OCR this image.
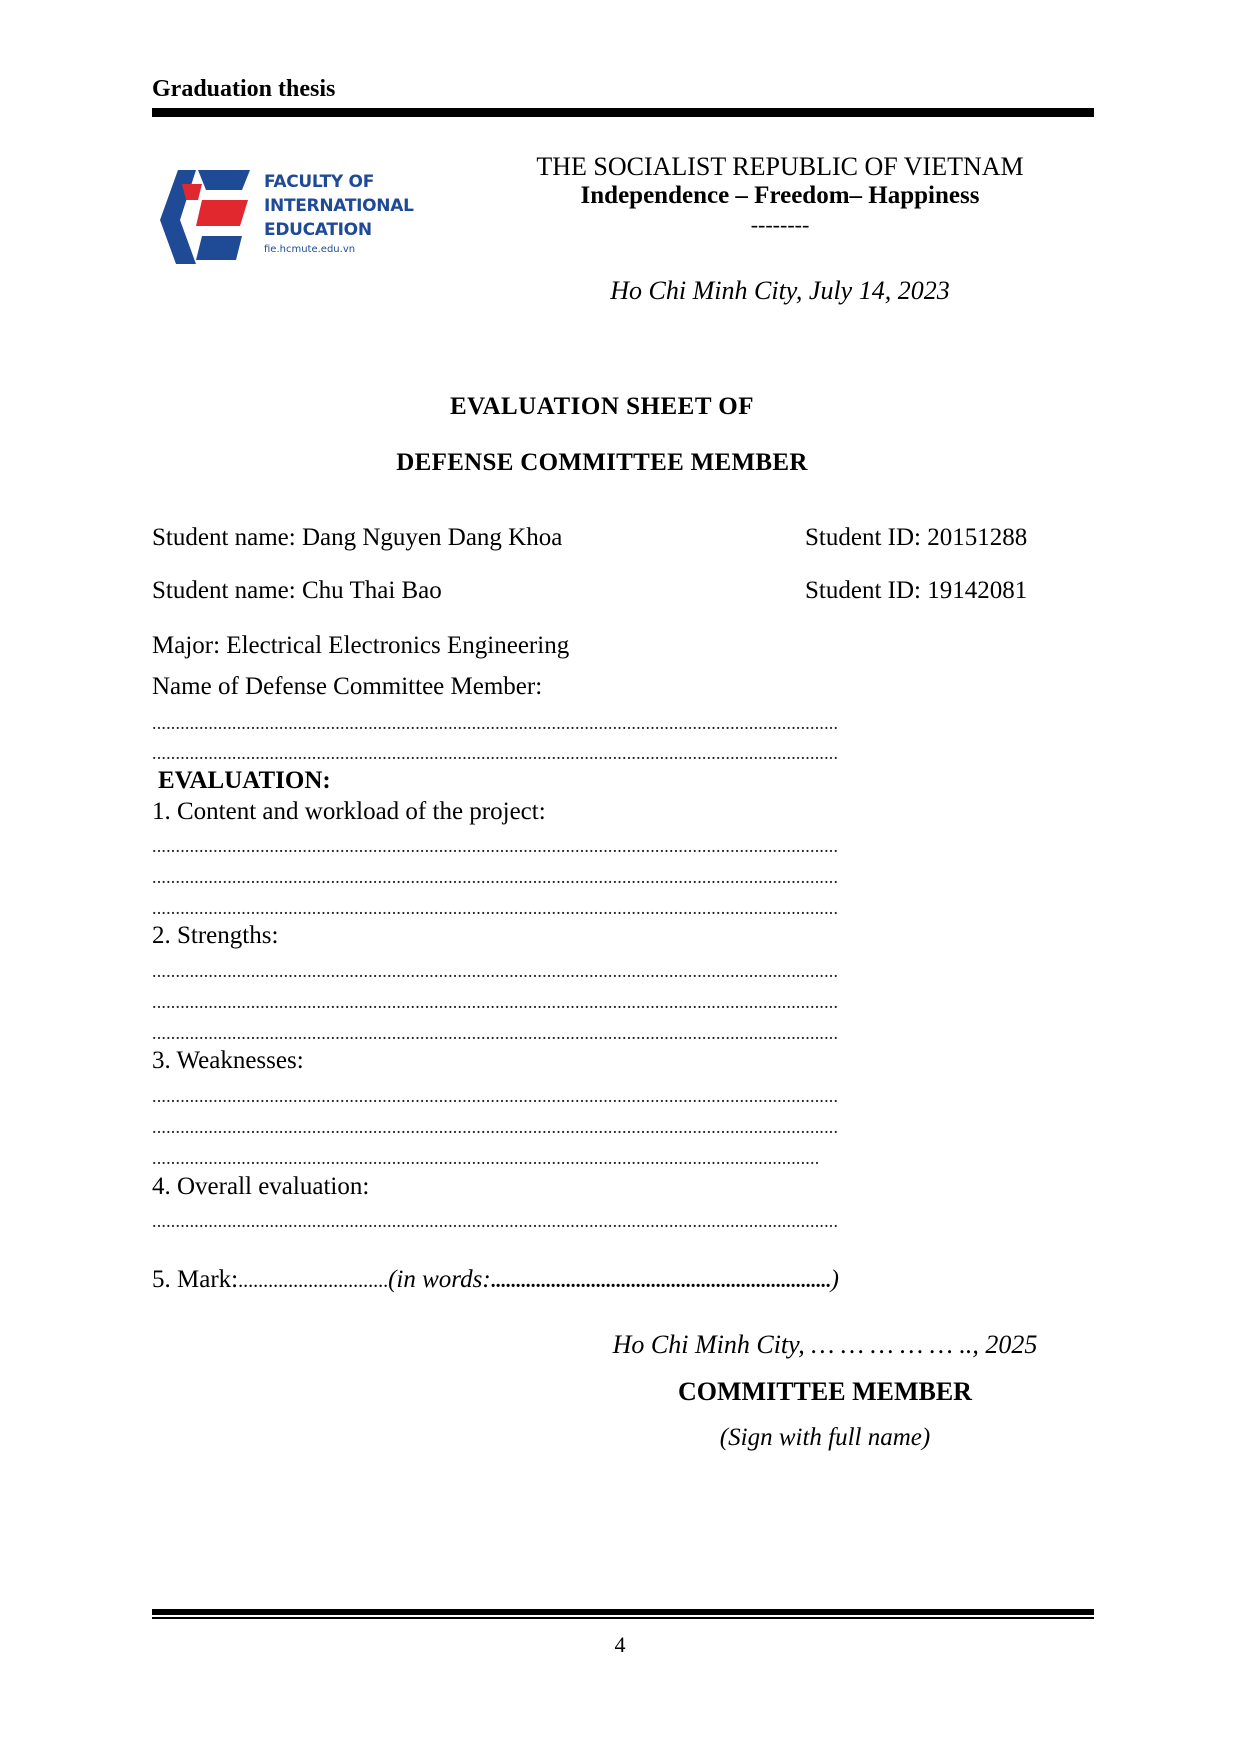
Graduation thesis
FACULTY OF
INTERNATIONAL
EDUCATION
fie.hcmute.edu.vn
THE SOCIALIST REPUBLIC OF VIETNAM
Independence – Freedom– Happiness
--------
Ho Chi Minh City, July 14, 2023
EVALUATION SHEET OF
DEFENSE COMMITTEE MEMBER
Student name: Dang Nguyen Dang Khoa	Student ID: 20151288
Student name: Chu Thai Bao	Student ID: 19142081
Major: Electrical Electronics Engineering
Name of Defense Committee Member:
..................................................................................................................................................
..................................................................................................................................................
EVALUATION:
1. Content and workload of the project:
..................................................................................................................................................
..................................................................................................................................................
..................................................................................................................................................
2. Strengths:
..................................................................................................................................................
..................................................................................................................................................
..................................................................................................................................................
3. Weaknesses:
..................................................................................................................................................
..................................................................................................................................................
..............................................................................................................................................
4. Overall evaluation:
..................................................................................................................................................
5. Mark:..............................(in words:....................................................................)
Ho Chi Minh City, … … … … … .., 2025
COMMITTEE MEMBER
(Sign with full name)
4
